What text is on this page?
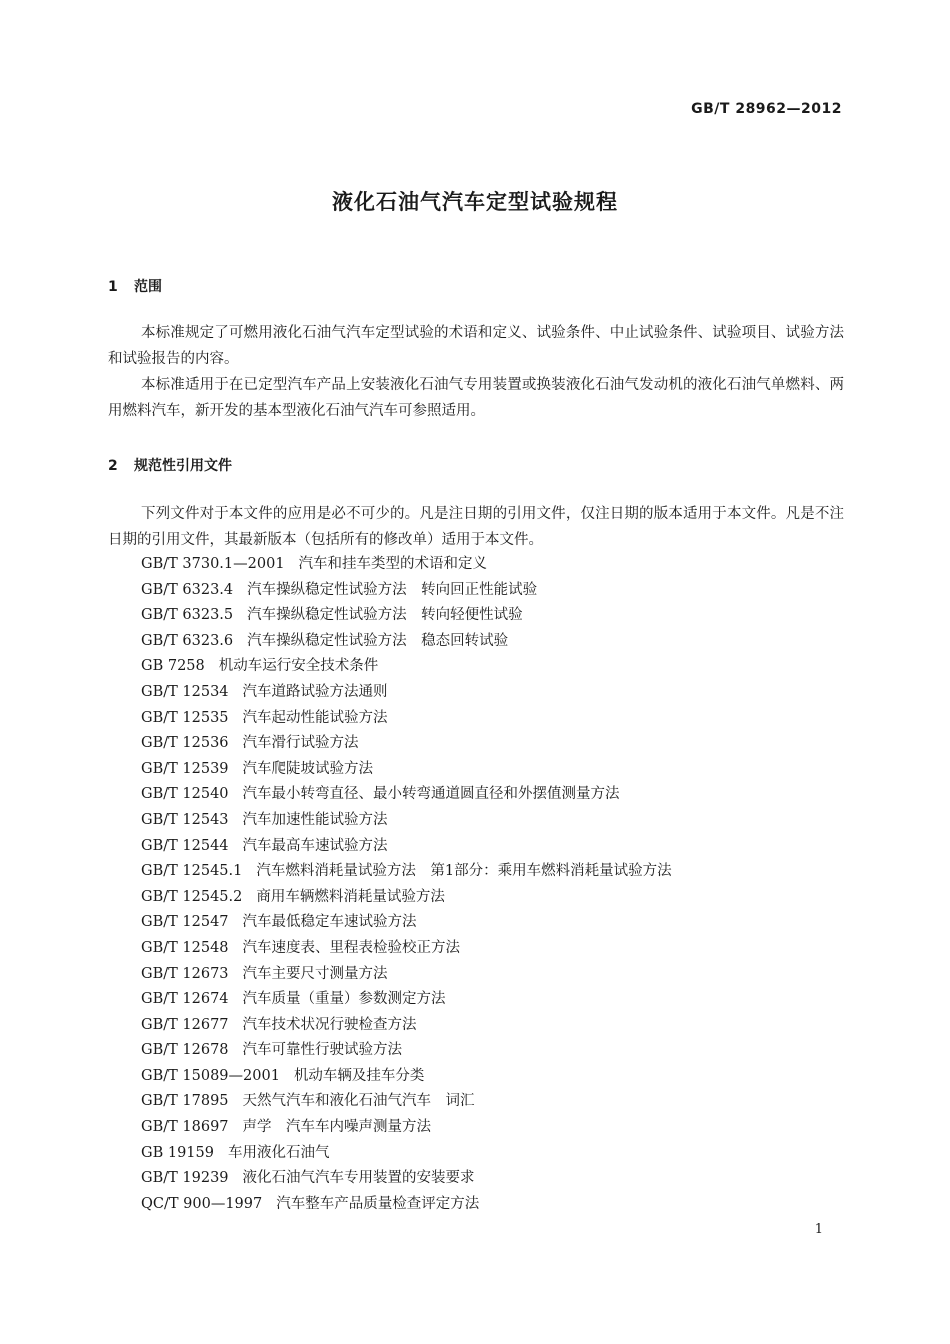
GB/T 28962—2012
液化石油气汽车定型试验规程
1 范围

本标准规定了可燃用液化石油气汽车定型试验的术语和定义、试验条件、中止试验条件、试验项目、试验方法和试验报告的内容。

本标准适用于在已定型汽车产品上安装液化石油气专用装置或换装液化石油气发动机的液化石油气单燃料、两用燃料汽车，新开发的基本型液化石油气汽车可参照适用。

2 规范性引用文件

下列文件对于本文件的应用是必不可少的。凡是注日期的引用文件，仅注日期的版本适用于本文件。凡是不注日期的引用文件，其最新版本（包括所有的修改单）适用于本文件。

GB/T 3730.1—2001 汽车和挂车类型的术语和定义
GB/T 6323.4 汽车操纵稳定性试验方法　转向回正性能试验
GB/T 6323.5 汽车操纵稳定性试验方法　转向轻便性试验
GB/T 6323.6 汽车操纵稳定性试验方法　稳态回转试验
GB 7258 机动车运行安全技术条件
GB/T 12534 汽车道路试验方法通则
GB/T 12535 汽车起动性能试验方法
GB/T 12536 汽车滑行试验方法
GB/T 12539 汽车爬陡坡试验方法
GB/T 12540 汽车最小转弯直径、最小转弯通道圆直径和外摆值测量方法
GB/T 12543 汽车加速性能试验方法
GB/T 12544 汽车最高车速试验方法
GB/T 12545.1 汽车燃料消耗量试验方法　第1部分：乘用车燃料消耗量试验方法
GB/T 12545.2 商用车辆燃料消耗量试验方法
GB/T 12547 汽车最低稳定车速试验方法
GB/T 12548 汽车速度表、里程表检验校正方法
GB/T 12673 汽车主要尺寸测量方法
GB/T 12674 汽车质量（重量）参数测定方法
GB/T 12677 汽车技术状况行驶检查方法
GB/T 12678 汽车可靠性行驶试验方法
GB/T 15089—2001 机动车辆及挂车分类
GB/T 17895 天然气汽车和液化石油气汽车　词汇
GB/T 18697 声学　汽车车内噪声测量方法
GB 19159 车用液化石油气
GB/T 19239 液化石油气汽车专用装置的安装要求
QC/T 900—1997 汽车整车产品质量检查评定方法
1
